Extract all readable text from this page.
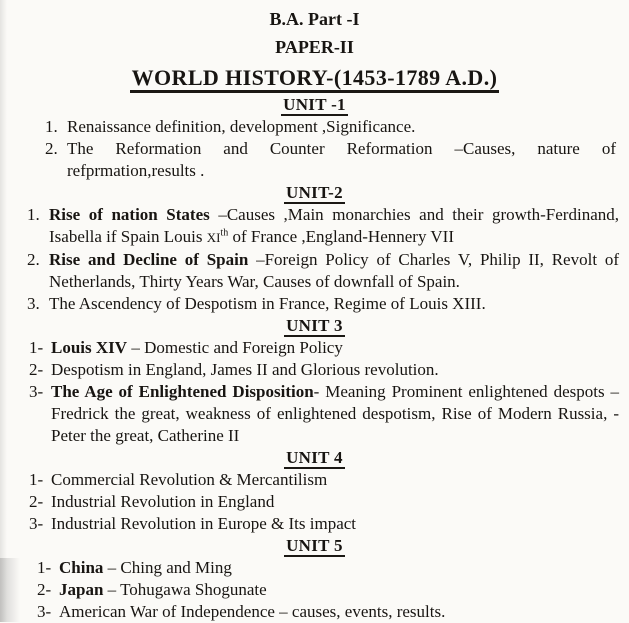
B.A. Part -I
PAPER-II
WORLD HISTORY-(1453-1789 A.D.)
UNIT -1

1. Renaissance definition, development ,Significance.

2. The Reformation and Counter Reformation –Causes, nature of refprmation,results .

UNIT-2

1. Rise of nation States –Causes ,Main monarchies and their growth-Ferdinand, Isabella if Spain Louis XIth of France ,England-Hennery VII

2. Rise and Decline of Spain –Foreign Policy of Charles V, Philip II, Revolt of Netherlands, Thirty Years War, Causes of downfall of Spain.

3. The Ascendency of Despotism in France, Regime of Louis XIII.

UNIT 3

1- Louis XIV – Domestic and Foreign Policy

2- Despotism in England, James II and Glorious revolution.

3- The Age of Enlightened Disposition- Meaning Prominent enlightened despots – Fredrick the great, weakness of enlightened despotism, Rise of Modern Russia, -Peter the great, Catherine II

UNIT 4

1- Commercial Revolution & Mercantilism

2- Industrial Revolution in England

3- Industrial Revolution in Europe & Its impact

UNIT 5

1- China – Ching and Ming

2- Japan – Tohugawa Shogunate

3- American War of Independence – causes, events, results.
